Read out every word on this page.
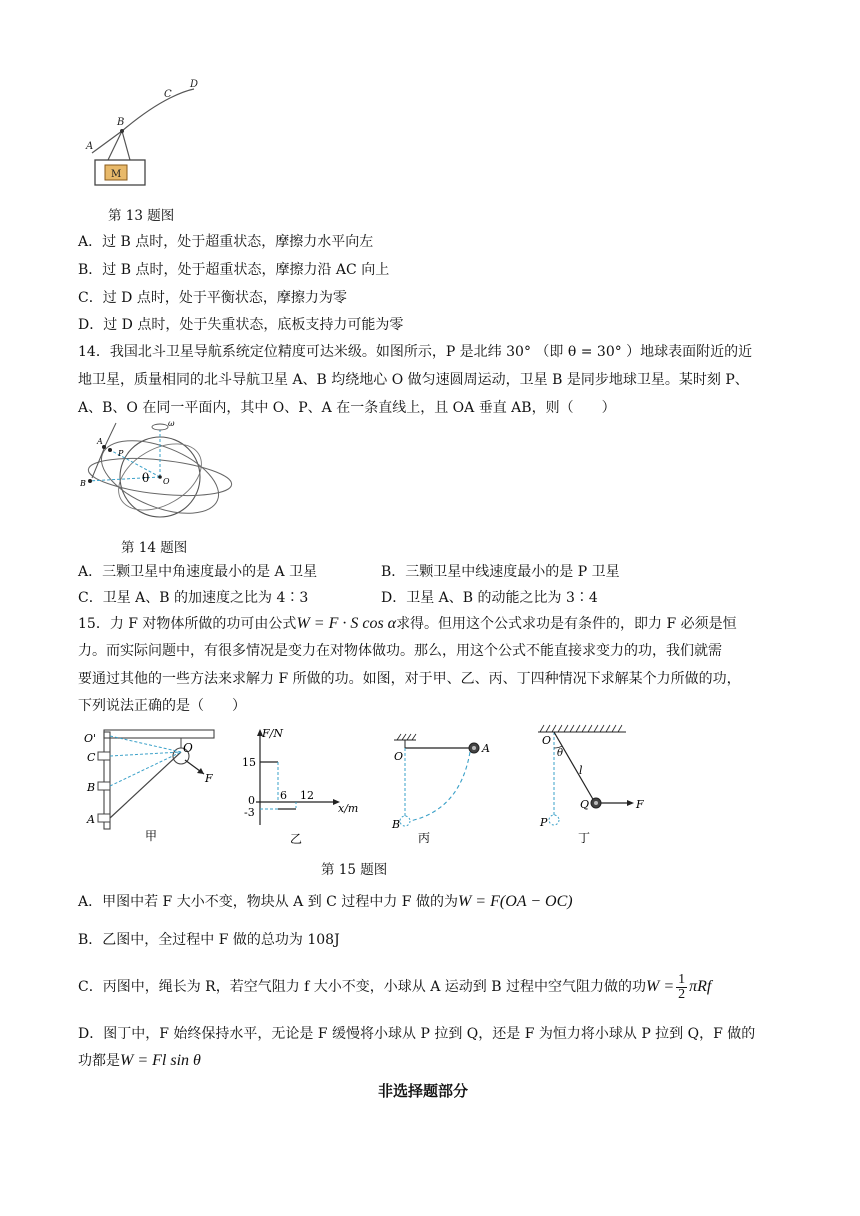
M
A
B
C
D
第 13 题图
A．过 B 点时，处于超重状态，摩擦力水平向左
B．过 B 点时，处于超重状态，摩擦力沿 AC 向上
C．过 D 点时，处于平衡状态，摩擦力为零
D．过 D 点时，处于失重状态，底板支持力可能为零
14．我国北斗卫星导航系统定位精度可达米级。如图所示，P 是北纬 30° （即 θ = 30° ）地球表面附近的近
地卫星，质量相同的北斗导航卫星 A、B 均绕地心 O 做匀速圆周运动，卫星 B 是同步地球卫星。某时刻 P、
A、B、O 在同一平面内，其中 O、P、A 在一条直线上，且 OA 垂直 AB，则（　　）
ω
A
P
B	θ O
第 14 题图
A．三颗卫星中角速度最小的是 A 卫星	B．三颗卫星中线速度最小的是 P 卫星
C．卫星 A、B 的加速度之比为 4∶3	D．卫星 A、B 的动能之比为 3∶4
15．力 F 对物体所做的功可由公式W = F · S cos α求得。但用这个公式求功是有条件的，即力 F 必须是恒
力。而实际问题中，有很多情况是变力在对物体做功。那么，用这个公式不能直接求变力的功，我们就需
要通过其他的一些方法来求解力 F 所做的功。如图，对于甲、乙、丙、丁四种情况下求解某个力所做的功，
下列说法正确的是（　　）
O'
C
B
A
O
F
甲
F/N
x/m
15
0
-3
6 12
乙
O
A
B
丙
O
θ
l
Q
P
F
丁
第 15 题图
A．甲图中若 F 大小不变，物块从 A 到 C 过程中力 F 做的为W = F(OA − OC)
B．乙图中，全过程中 F 做的总功为 108J
C．丙图中，绳长为 R，若空气阻力 f 大小不变，小球从 A 运动到 B 过程中空气阻力做的功$W = \frac{1}{2}$ πRf
D．图丁中，F 始终保持水平，无论是 F 缓慢将小球从 P 拉到 Q，还是 F 为恒力将小球从 P 拉到 Q，F 做的
功都是W = Fl sin θ
非选择题部分
